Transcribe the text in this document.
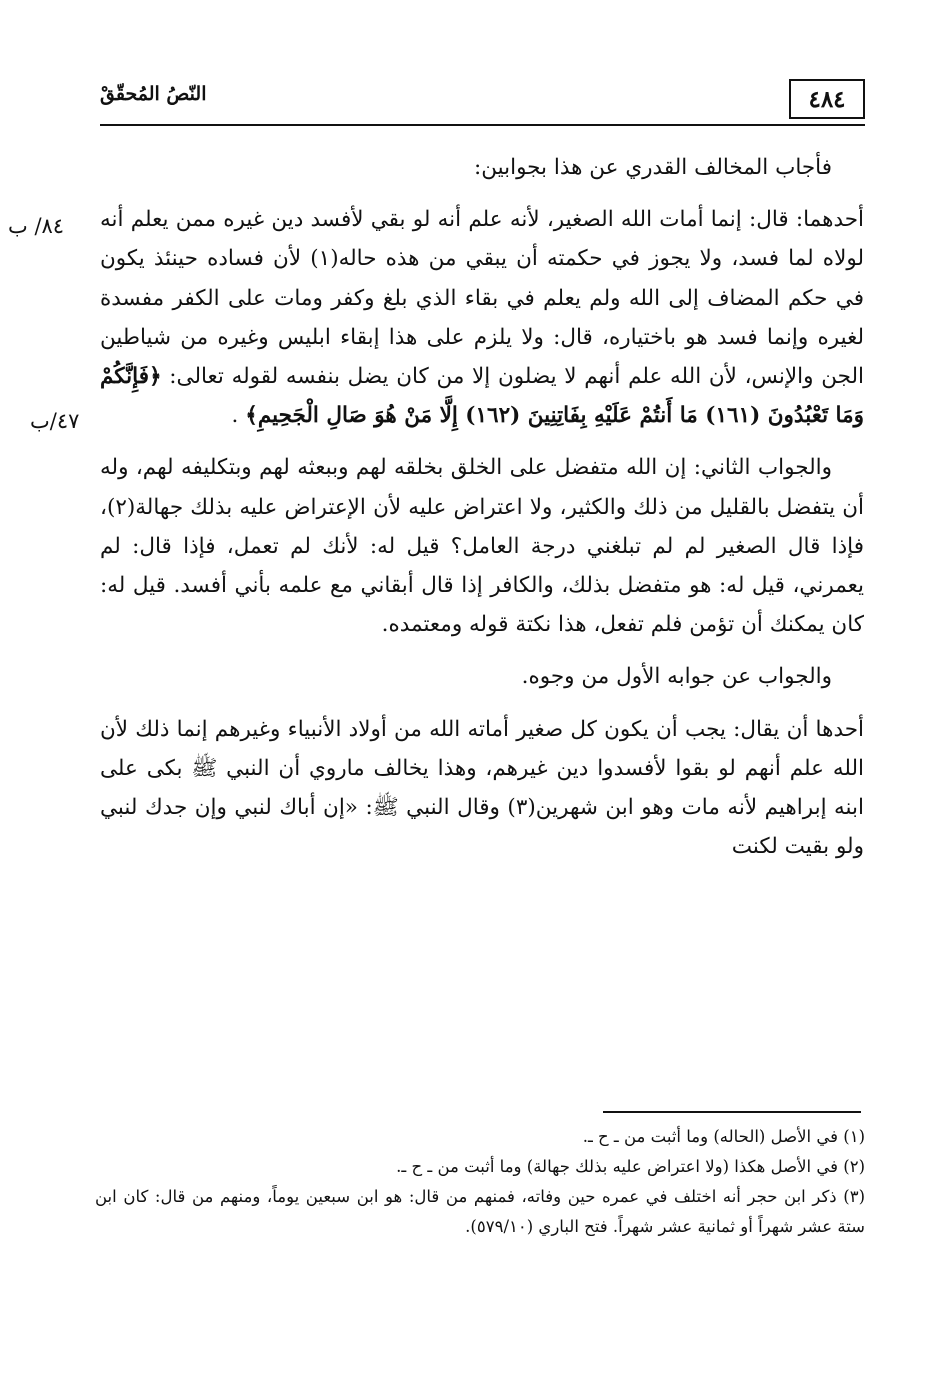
النّصُ المُحقّقْ	٤٨٤
٨٤/ ب
٤٧/ب

فأجاب المخالف القدري عن هذا بجوابين:

أحدهما: قال: إنما أمات الله الصغير، لأنه علم أنه لو بقي لأفسد دين غيره ممن يعلم أنه لولاه لما فسد، ولا يجوز في حكمته أن يبقي من هذه حاله(١) لأن فساده حينئذ يكون في حكم المضاف إلى الله ولم يعلم في بقاء الذي بلغ وكفر ومات على الكفر مفسدة لغيره وإنما فسد هو باختياره، قال: ولا يلزم على هذا إبقاء ابليس وغيره من شياطين الجن والإنس، لأن الله علم أنهم لا يضلون إلا من كان يضل بنفسه لقوله تعالى: ﴿فَإِنَّكُمْ وَمَا تَعْبُدُونَ (١٦١) مَا أَنتُمْ عَلَيْهِ بِفَاتِنِينَ (١٦٢) إِلَّا مَنْ هُوَ صَالِ الْجَحِيمِ﴾ .

والجواب الثاني: إن الله متفضل على الخلق بخلقه لهم وببعثه لهم وبتكليفه لهم، وله أن يتفضل بالقليل من ذلك والكثير، ولا اعتراض عليه لأن الإعتراض عليه بذلك جهالة(٢)، فإذا قال الصغير لم لم تبلغني درجة العامل؟ قيل له: لأنك لم تعمل، فإذا قال: لم يعمرني، قيل له: هو متفضل بذلك، والكافر إذا قال أبقاني مع علمه بأني أفسد. قيل له: كان يمكنك أن تؤمن فلم تفعل، هذا نكتة قوله ومعتمده.

والجواب عن جوابه الأول من وجوه.

أحدها أن يقال: يجب أن يكون كل صغير أماته الله من أولاد الأنبياء وغيرهم إنما ذلك لأن الله علم أنهم لو بقوا لأفسدوا دين غيرهم، وهذا يخالف ماروي أن النبي ﷺ بكى على ابنه إبراهيم لأنه مات وهو ابن شهرين(٣) وقال النبي ﷺ: «إن أباك لنبي وإن جدك لنبي ولو بقيت لكنت

(١) في الأصل (الحاله) وما أثبت من ـ ح ـ.

(٢) في الأصل هكذا (ولا اعتراض عليه بذلك جهالة) وما أثبت من ـ ح ـ.

(٣) ذكر ابن حجر أنه اختلف في عمره حين وفاته، فمنهم من قال: هو ابن سبعين يوماً، ومنهم من قال: كان ابن ستة عشر شهراً أو ثمانية عشر شهراً. فتح الباري (٥٧٩/١٠).
